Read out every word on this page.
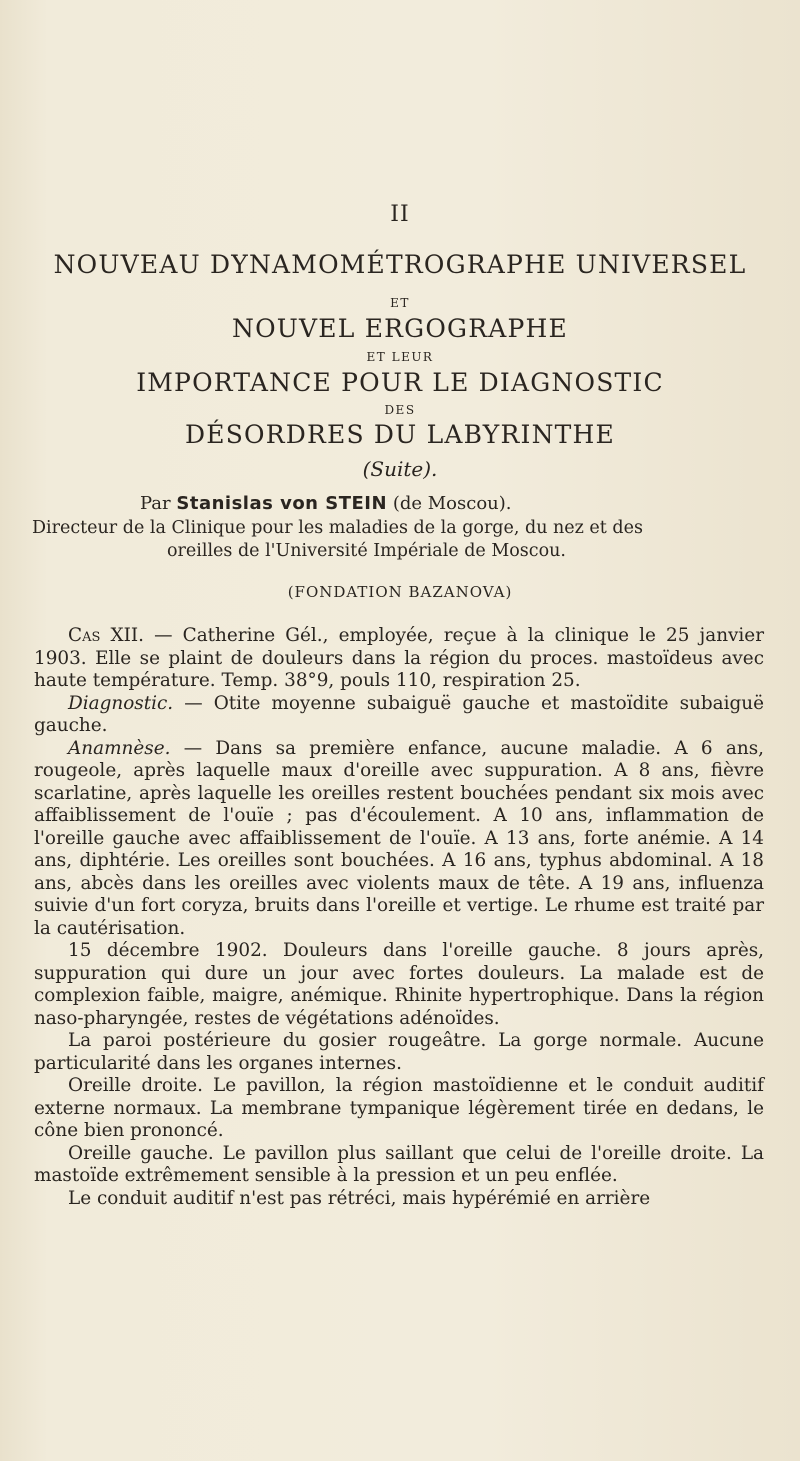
II
NOUVEAU DYNAMOMÉTROGRAPHE UNIVERSEL
ET
NOUVEL ERGOGRAPHE
ET LEUR
IMPORTANCE POUR LE DIAGNOSTIC
DES
DÉSORDRES DU LABYRINTHE
(Suite).
Par Stanislas von STEIN (de Moscou).
Directeur de la Clinique pour les maladies de la gorge, du nez et des
oreilles de l'Université Impériale de Moscou.
(FONDATION BAZANOVA)

Cas XII. — Catherine Gél., employée, reçue à la clinique le 25 janvier 1903. Elle se plaint de douleurs dans la région du proces. mastoïdeus avec haute température. Temp. 38°9, pouls 110, respiration 25.

Diagnostic. — Otite moyenne subaiguë gauche et mastoïdite subaiguë gauche.

Anamnèse. — Dans sa première enfance, aucune maladie. A 6 ans, rougeole, après laquelle maux d'oreille avec suppuration. A 8 ans, fièvre scarlatine, après laquelle les oreilles restent bouchées pendant six mois avec affaiblissement de l'ouïe ; pas d'écoulement. A 10 ans, inflammation de l'oreille gauche avec affaiblissement de l'ouïe. A 13 ans, forte anémie. A 14 ans, diphtérie. Les oreilles sont bouchées. A 16 ans, typhus abdominal. A 18 ans, abcès dans les oreilles avec violents maux de tête. A 19 ans, influenza suivie d'un fort coryza, bruits dans l'oreille et vertige. Le rhume est traité par la cautérisation.

15 décembre 1902. Douleurs dans l'oreille gauche. 8 jours après, suppuration qui dure un jour avec fortes douleurs. La malade est de complexion faible, maigre, anémique. Rhinite hypertrophique. Dans la région naso-pharyngée, restes de végétations adénoïdes.

La paroi postérieure du gosier rougeâtre. La gorge normale. Aucune particularité dans les organes internes.

Oreille droite. Le pavillon, la région mastoïdienne et le conduit auditif externe normaux. La membrane tympanique légèrement tirée en dedans, le cône bien prononcé.

Oreille gauche. Le pavillon plus saillant que celui de l'oreille droite. La mastoïde extrêmement sensible à la pression et un peu enflée.

Le conduit auditif n'est pas rétréci, mais hypérémié en arrière
